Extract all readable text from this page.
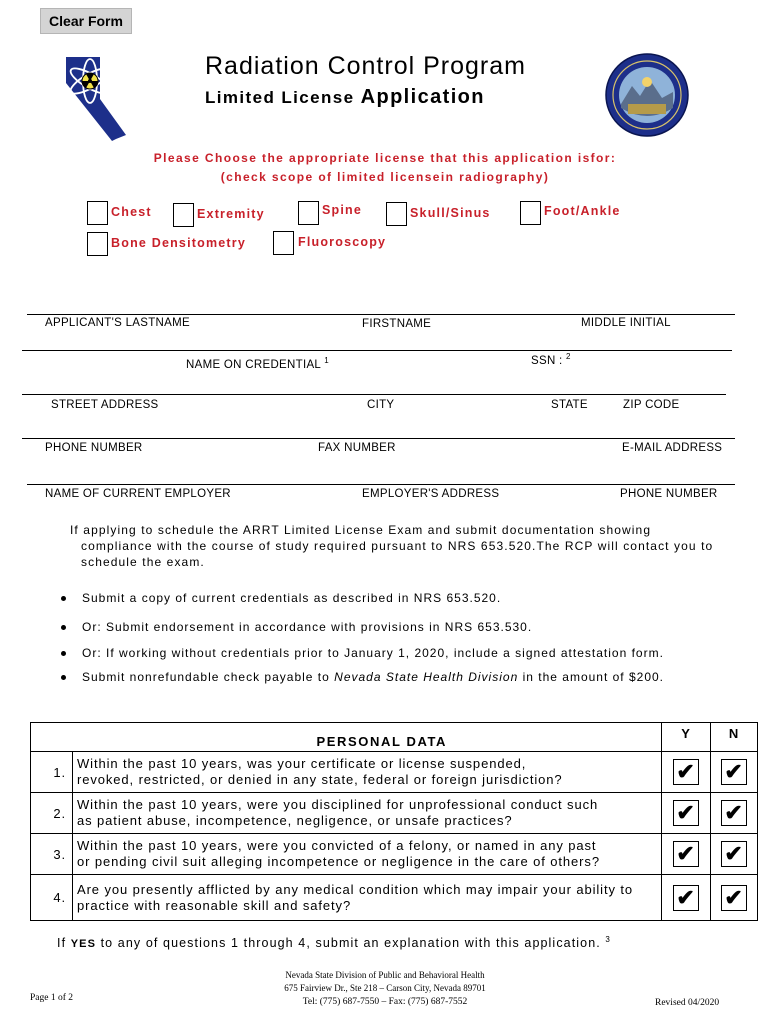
Clear Form
Radiation Control Program
Limited License Application
Please Choose the appropriate license that this application isfor:
(check scope of limited licensein radiography)
Chest	Extremity	Spine	Skull/Sinus	Foot/Ankle
Bone Densitometry	Fluoroscopy
APPLICANT'S LASTNAME	FIRSTNAME	MIDDLE INITIAL
NAME ON CREDENTIAL $^1$	SSN : $^2$
STREET ADDRESS	CITY	STATE	ZIP CODE
PHONE NUMBER	FAX NUMBER	E-MAIL ADDRESS
NAME OF CURRENT EMPLOYER	EMPLOYER'S ADDRESS	PHONE NUMBER
If applying to schedule the ARRT Limited License Exam and submit documentation showing
compliance with the course of study required pursuant to NRS 653.520.The RCP will contact you to
schedule the exam.
Submit a copy of current credentials as described in NRS 653.520.
Or: Submit endorsement in accordance with provisions in NRS 653.530.
Or: If working without credentials prior to January 1, 2020, include a signed attestation form.
Submit nonrefundable check payable to Nevada State Health Division in the amount of $200.
	PERSONAL DATA	Y	N
1.	Within the past 10 years, was your certificate or license suspended,
revoked, restricted, or denied in any state, federal or foreign jurisdiction?	✔	✔
2.	Within the past 10 years, were you disciplined for unprofessional conduct such
as patient abuse, incompetence, negligence, or unsafe practices?	✔	✔
3.	Within the past 10 years, were you convicted of a felony, or named in any past
or pending civil suit alleging incompetence or negligence in the care of others?	✔	✔
4.	Are you presently afflicted by any medical condition which may impair your ability to
practice with reasonable skill and safety?	✔	✔
If YES to any of questions 1 through 4, submit an explanation with this application. $^3$
Page 1 of 2
Nevada State Division of Public and Behavioral Health
675 Fairview Dr., Ste 218 – Carson City, Nevada 89701
Tel: (775) 687-7550 – Fax: (775) 687-7552	Revised 04/2020
